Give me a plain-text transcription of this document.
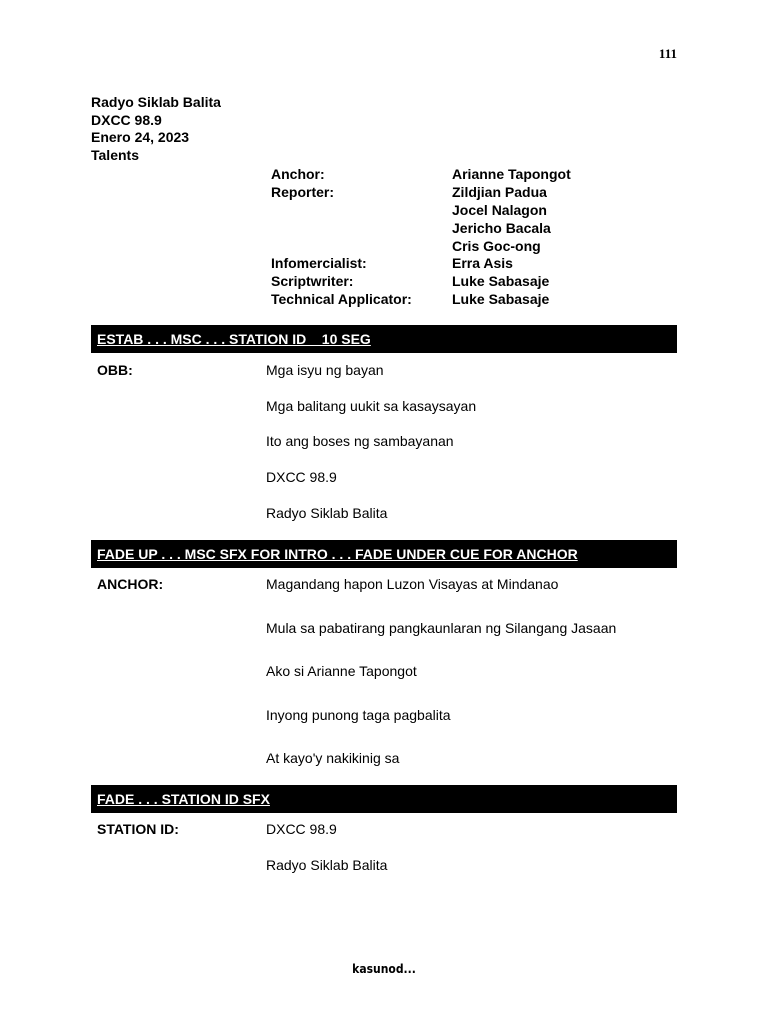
111
Radyo Siklab Balita
DXCC 98.9
Enero 24, 2023
Talents
Anchor:	Arianne Tapongot
Reporter:	Zildjian Padua
Jocel Nalagon
Jericho Bacala
Cris Goc-ong
Infomercialist:	Erra Asis
Scriptwriter:	Luke Sabasaje
Technical Applicator:	Luke Sabasaje
ESTAB . . . MSC . . . STATION ID    10 SEG
OBB:	Mga isyu ng bayan
Mga balitang uukit sa kasaysayan
Ito ang boses ng sambayanan
DXCC 98.9
Radyo Siklab Balita
FADE UP . . . MSC SFX FOR INTRO . . . FADE UNDER CUE FOR ANCHOR
ANCHOR:	Magandang hapon Luzon Visayas at Mindanao
Mula sa pabatirang pangkaunlaran ng Silangang Jasaan
Ako si Arianne Tapongot
Inyong punong taga pagbalita
At kayo'y nakikinig sa
FADE . . . STATION ID SFX
STATION ID:	DXCC 98.9
Radyo Siklab Balita
kasunod...
